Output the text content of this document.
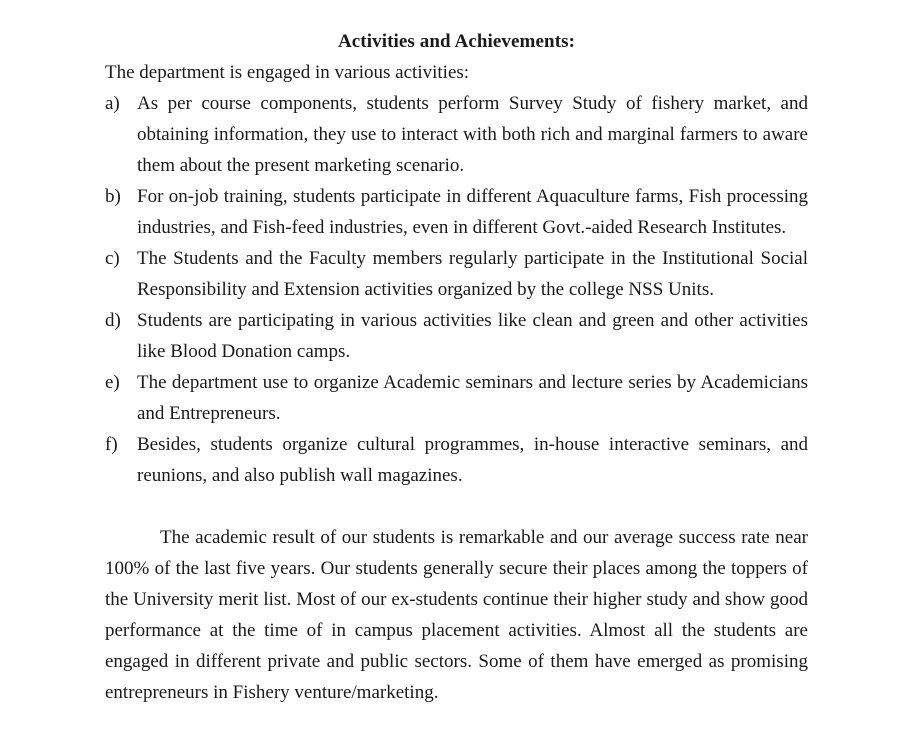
Activities and Achievements:

The department is engaged in various activities:

a) As per course components, students perform Survey Study of fishery market, and obtaining information, they use to interact with both rich and marginal farmers to aware them about the present marketing scenario.
b) For on-job training, students participate in different Aquaculture farms, Fish processing industries, and Fish-feed industries, even in different Govt.-aided Research Institutes.
c) The Students and the Faculty members regularly participate in the Institutional Social Responsibility and Extension activities organized by the college NSS Units.
d) Students are participating in various activities like clean and green and other activities like Blood Donation camps.
e) The department use to organize Academic seminars and lecture series by Academicians and Entrepreneurs.
f)	Besides, students organize cultural programmes, in-house interactive seminars, and reunions, and also publish wall magazines.

The academic result of our students is remarkable and our average success rate near 100% of the last five years. Our students generally secure their places among the toppers of the University merit list. Most of our ex-students continue their higher study and show good performance at the time of in campus placement activities. Almost all the students are engaged in different private and public sectors. Some of them have emerged as promising entrepreneurs in Fishery venture/marketing.
